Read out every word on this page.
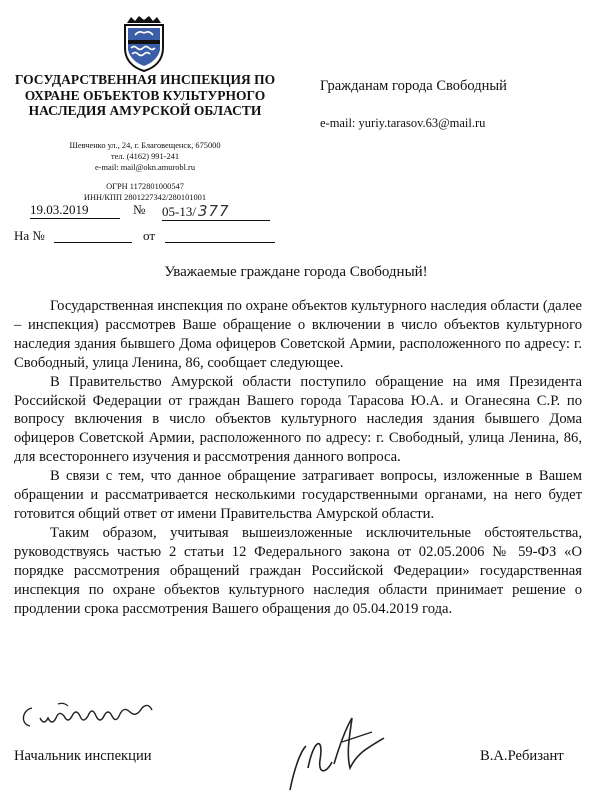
ГОСУДАРСТВЕННАЯ ИНСПЕКЦИЯ ПО ОХРАНЕ ОБЪЕКТОВ КУЛЬТУРНОГО НАСЛЕДИЯ АМУРСКОЙ ОБЛАСТИ
Шевченко ул., 24, г. Благовещенск, 675000
тел. (4162) 991-241
e-mail: mail@okn.amurobl.ru
ОГРН 1172801000547
ИНН/КПП 2801227342/280101001
19.03.2019	№ 05-13/ 377
На №	от
Гражданам города Свободный
e-mail: yuriy.tarasov.63@mail.ru
Уважаемые граждане города Свободный!

Государственная инспекция по охране объектов культурного наследия области (далее – инспекция) рассмотрев Ваше обращение о включении в число объектов культурного наследия здания бывшего Дома офицеров Советской Армии, расположенного по адресу: г. Свободный, улица Ленина, 86, сообщает следующее.

В Правительство Амурской области поступило обращение на имя Президента Российской Федерации от граждан Вашего города Тарасова Ю.А. и Оганесяна С.Р. по вопросу включения в число объектов культурного наследия здания бывшего Дома офицеров Советской Армии, расположенного по адресу: г. Свободный, улица Ленина, 86, для всестороннего изучения и рассмотрения данного вопроса.

В связи с тем, что данное обращение затрагивает вопросы, изложенные в Вашем обращении и рассматривается несколькими государственными органами, на него будет готовится общий ответ от имени Правительства Амурской области.

Таким образом, учитывая вышеизложенные исключительные обстоятельства, руководствуясь частью 2 статьи 12 Федерального закона от 02.05.2006 № 59-ФЗ «О порядке рассмотрения обращений граждан Российской Федерации» государственная инспекция по охране объектов культурного наследия области принимает решение о продлении срока рассмотрения Вашего обращения до 05.04.2019 года.

Начальник инспекции	В.А.Ребизант
